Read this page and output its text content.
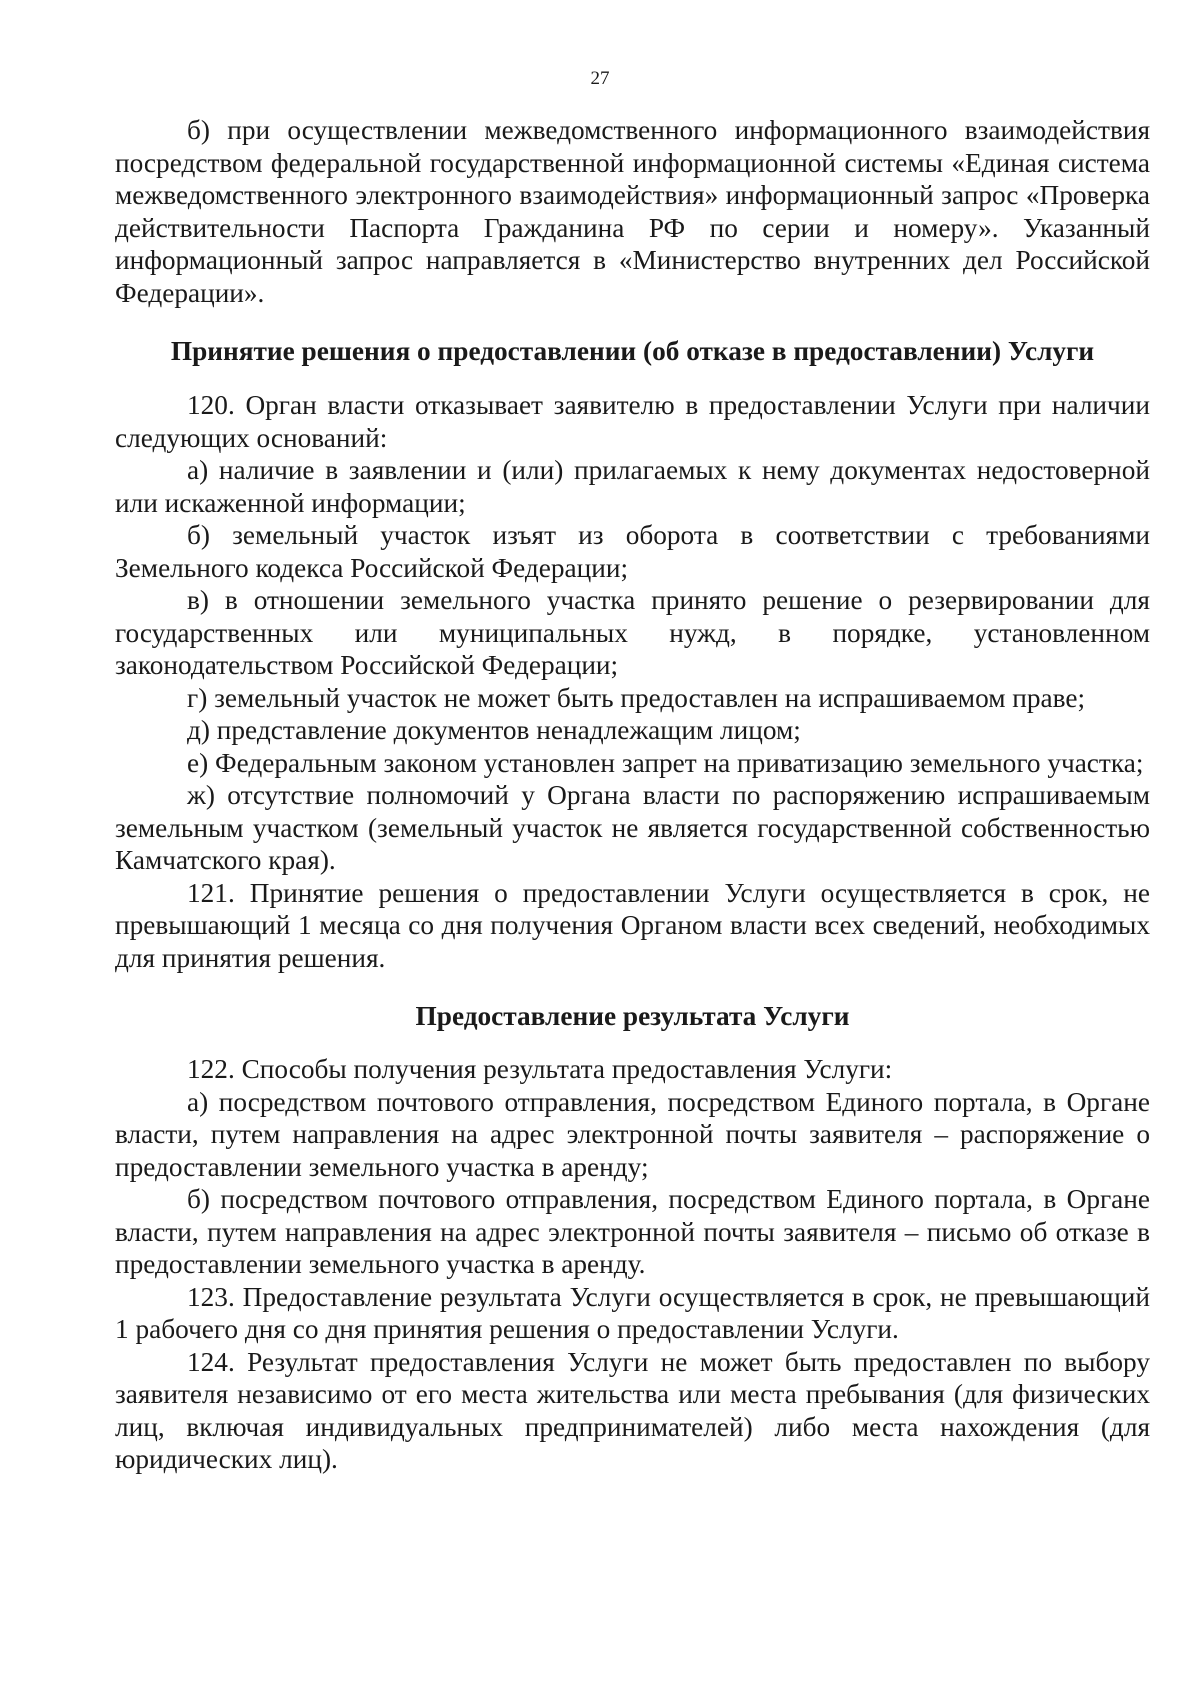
27

б) при осуществлении межведомственного информационного взаимодействия посредством федеральной государственной информационной системы «Единая система межведомственного электронного взаимодействия» информационный запрос «Проверка действительности Паспорта Гражданина РФ по серии и номеру». Указанный информационный запрос направляется в «Министерство внутренних дел Российской Федерации».

Принятие решения о предоставлении (об отказе в предоставлении) Услуги

120. Орган власти отказывает заявителю в предоставлении Услуги при наличии следующих оснований:

а) наличие в заявлении и (или) прилагаемых к нему документах недостоверной или искаженной информации;

б) земельный участок изъят из оборота в соответствии с требованиями Земельного кодекса Российской Федерации;

в) в отношении земельного участка принято решение о резервировании для государственных или муниципальных нужд, в порядке, установленном законодательством Российской Федерации;

г) земельный участок не может быть предоставлен на испрашиваемом праве;

д) представление документов ненадлежащим лицом;

е) Федеральным законом установлен запрет на приватизацию земельного участка;

ж) отсутствие полномочий у Органа власти по распоряжению испрашиваемым земельным участком (земельный участок не является государственной собственностью Камчатского края).

121. Принятие решения о предоставлении Услуги осуществляется в срок, не превышающий 1 месяца со дня получения Органом власти всех сведений, необходимых для принятия решения.

Предоставление результата Услуги

122. Способы получения результата предоставления Услуги:

а) посредством почтового отправления, посредством Единого портала, в Органе власти, путем направления на адрес электронной почты заявителя – распоряжение о предоставлении земельного участка в аренду;

б) посредством почтового отправления, посредством Единого портала, в Органе власти, путем направления на адрес электронной почты заявителя – письмо об отказе в предоставлении земельного участка в аренду.

123. Предоставление результата Услуги осуществляется в срок, не превышающий 1 рабочего дня со дня принятия решения о предоставлении Услуги.

124. Результат предоставления Услуги не может быть предоставлен по выбору заявителя независимо от его места жительства или места пребывания (для физических лиц, включая индивидуальных предпринимателей) либо места нахождения (для юридических лиц).
